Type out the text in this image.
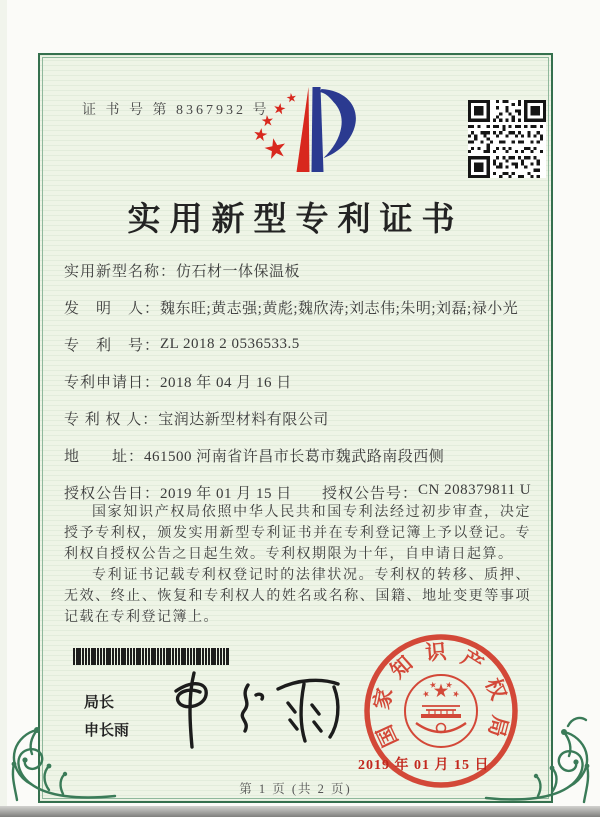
证 书 号 第 8367932 号
实用新型专利证书
实用新型名称： 仿石材一体保温板
发　明　人： 魏东旺;黄志强;黄彪;魏欣涛;刘志伟;朱明;刘磊;禄小光
专　利　号： ZL 2018 2 0536533.5
专利申请日： 2018 年 04 月 16 日
专 利 权 人： 宝润达新型材料有限公司
地　　址： 461500 河南省许昌市长葛市魏武路南段西侧
授权公告日： 2019 年 01 月 15 日 授权公告号： CN 208379811 U

国家知识产权局依照中华人民共和国专利法经过初步审查，决定授予专利权，颁发实用新型专利证书并在专利登记簿上予以登记。专利权自授权公告之日起生效。专利权期限为十年，自申请日起算。

专利证书记载专利权登记时的法律状况。专利权的转移、质押、无效、终止、恢复和专利权人的姓名或名称、国籍、地址变更等事项记载在专利登记簿上。

局长
申长雨	国
家
知 识 产
权
局
2019 年 01 月 15 日
第 1 页 (共 2 页)
